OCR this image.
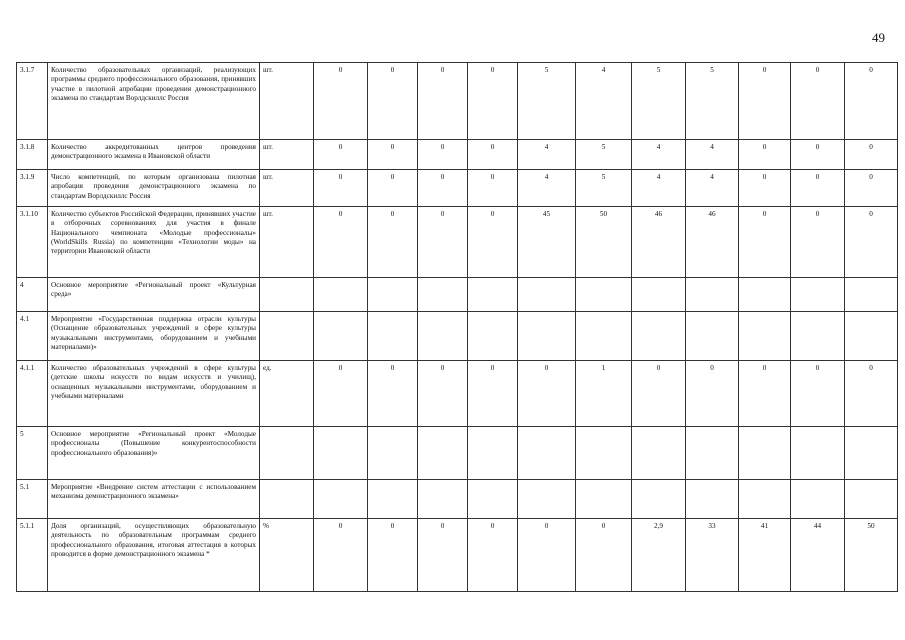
49
3.1.7	Количество образовательных организаций, реализующих программы среднего профессионального образования, принявших участие в пилотной апробации проведения демонстрационного экзамена по стандартам Ворлдскиллс Россия	шт.	0	0	0	0	5	4	5	5	0	0	0
3.1.8	Количество аккредитованных центров проведения демонстрационного экзамена в Ивановской области	шт.	0	0	0	0	4	5	4	4	0	0	0
3.1.9	Число компетенций, по которым организована пилотная апробация проведения демонстрационного экзамена по стандартам Ворлдскиллс Россия	шт.	0	0	0	0	4	5	4	4	0	0	0
3.1.10	Количество субъектов Российской Федерации, принявших участие в отборочных соревнованиях для участия в финале Национального чемпионата «Молодые профессионалы» (WorldSkills Russia) по компетенции «Технологии моды» на территории Ивановской области	шт.	0	0	0	0	45	50	46	46	0	0	0
4	Основное мероприятие «Региональный проект «Культурная среда»												
4.1	Мероприятие «Государственная поддержка отрасли культуры (Оснащение образовательных учреждений в сфере культуры музыкальными инструментами, оборудованием и учебными материалами)»												
4.1.1	Количество образовательных учреждений в сфере культуры (детские школы искусств по видам искусств и училищ), оснащенных музыкальными инструментами, оборудованием и учебными материалами	ед.	0	0	0	0	0	1	0	0	0	0	0
5	Основное мероприятие «Региональный проект «Молодые профессионалы (Повышение конкурентоспособности профессионального образования)»												
5.1	Мероприятие «Внедрение систем аттестации с использованием механизма демонстрационного экзамена»												
5.1.1	Доля организаций, осуществляющих образовательную деятельность по образовательным программам среднего профессионального образования, итоговая аттестация в которых проводится в форме демонстрационного экзамена *	%	0	0	0	0	0	0	2,9	33	41	44	50
